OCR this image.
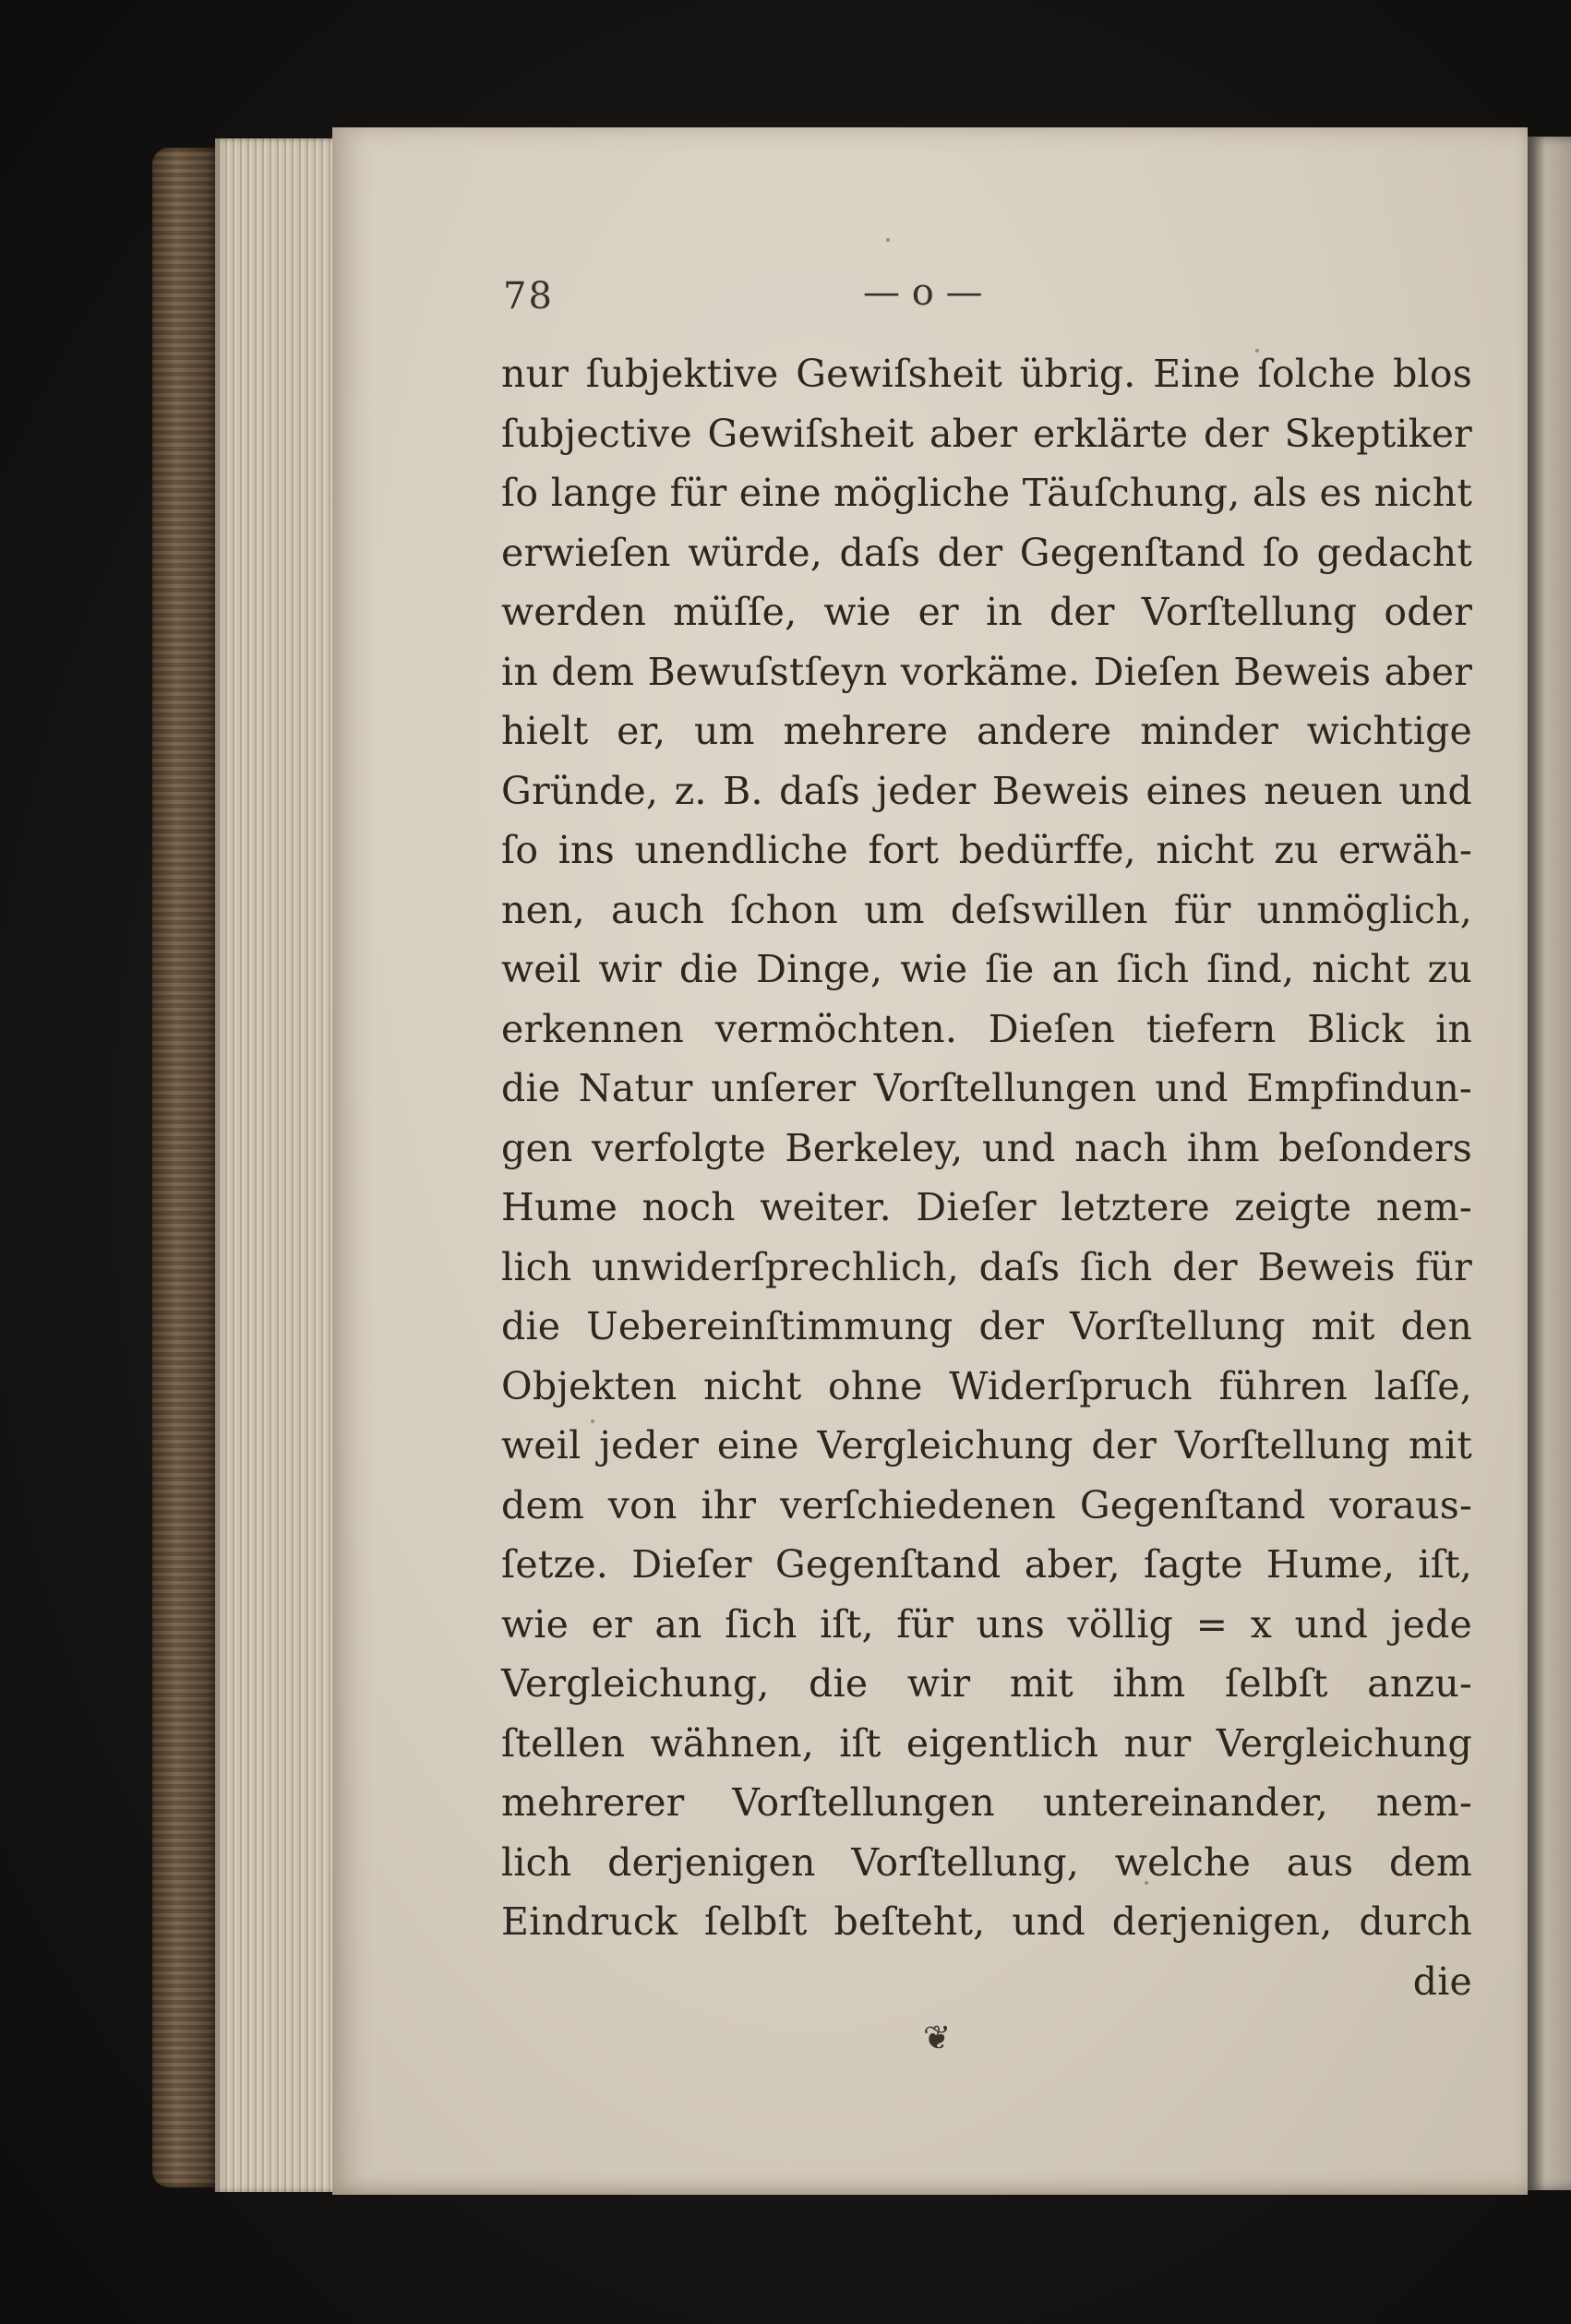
78	— o —
nur ſubjektive Gewiſsheit übrig. Eine ſolche blos
ſubjective Gewiſsheit aber erklärte der Skeptiker
ſo lange für eine mögliche Täuſchung, als es nicht
erwieſen würde, daſs der Gegenſtand ſo gedacht
werden müſſe, wie er in der Vorſtellung oder
in dem Bewuſstſeyn vorkäme. Dieſen Beweis aber
hielt er, um mehrere andere minder wichtige
Gründe, z. B. daſs jeder Beweis eines neuen und
ſo ins unendliche fort bedürffe, nicht zu erwäh-
nen, auch ſchon um deſswillen für unmöglich,
weil wir die Dinge, wie ſie an ſich ſind, nicht zu
erkennen vermöchten. Dieſen tiefern Blick in
die Natur unſerer Vorſtellungen und Empfindun-
gen verfolgte Berkeley, und nach ihm beſonders
Hume noch weiter. Dieſer letztere zeigte nem-
lich unwiderſprechlich, daſs ſich der Beweis für
die Uebereinſtimmung der Vorſtellung mit den
Objekten nicht ohne Widerſpruch führen laſſe,
weil jeder eine Vergleichung der Vorſtellung mit
dem von ihr verſchiedenen Gegenſtand voraus-
ſetze. Dieſer Gegenſtand aber, ſagte Hume, iſt,
wie er an ſich iſt, für uns völlig = x und jede
Vergleichung, die wir mit ihm ſelbſt anzu-
ſtellen wähnen, iſt eigentlich nur Vergleichung
mehrerer Vorſtellungen untereinander, nem-
lich derjenigen Vorſtellung, welche aus dem
Eindruck ſelbſt beſteht, und derjenigen, durch
die
❦
